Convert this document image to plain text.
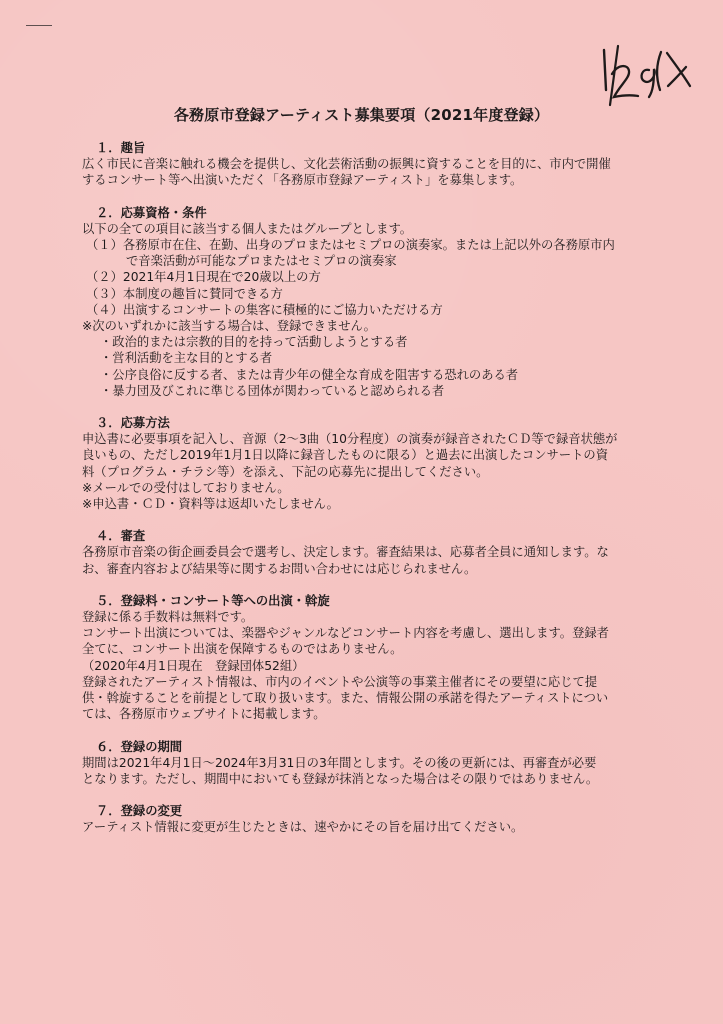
各務原市登録アーティスト募集要項（2021年度登録）
１．趣旨
広く市民に音楽に触れる機会を提供し、文化芸術活動の振興に資することを目的に、市内で開催
するコンサート等へ出演いただく「各務原市登録アーティスト」を募集します。
２．応募資格・条件
以下の全ての項目に該当する個人またはグループとします。
（１）各務原市在住、在勤、出身のプロまたはセミプロの演奏家。または上記以外の各務原市内
で音楽活動が可能なプロまたはセミプロの演奏家
（２）2021年4月1日現在で20歳以上の方
（３）本制度の趣旨に賛同できる方
（４）出演するコンサートの集客に積極的にご協力いただける方
※次のいずれかに該当する場合は、登録できません。
・政治的または宗教的目的を持って活動しようとする者
・営利活動を主な目的とする者
・公序良俗に反する者、または青少年の健全な育成を阻害する恐れのある者
・暴力団及びこれに準じる団体が関わっていると認められる者
３．応募方法
申込書に必要事項を記入し、音源（2～3曲（10分程度）の演奏が録音されたＣＤ等で録音状態が
良いもの、ただし2019年1月1日以降に録音したものに限る）と過去に出演したコンサートの資
料（プログラム・チラシ等）を添え、下記の応募先に提出してください。
※メールでの受付はしておりません。
※申込書・ＣＤ・資料等は返却いたしません。
４．審査
各務原市音楽の街企画委員会で選考し、決定します。審査結果は、応募者全員に通知します。な
お、審査内容および結果等に関するお問い合わせには応じられません。
５．登録料・コンサート等への出演・斡旋
登録に係る手数料は無料です。
コンサート出演については、楽器やジャンルなどコンサート内容を考慮し、選出します。登録者
全てに、コンサート出演を保障するものではありません。
（2020年4月1日現在　登録団体52組）
登録されたアーティスト情報は、市内のイベントや公演等の事業主催者にその要望に応じて提
供・斡旋することを前提として取り扱います。また、情報公開の承諾を得たアーティストについ
ては、各務原市ウェブサイトに掲載します。
６．登録の期間
期間は2021年4月1日～2024年3月31日の3年間とします。その後の更新には、再審査が必要
となります。ただし、期間中においても登録が抹消となった場合はその限りではありません。
７．登録の変更
アーティスト情報に変更が生じたときは、速やかにその旨を届け出てください。
